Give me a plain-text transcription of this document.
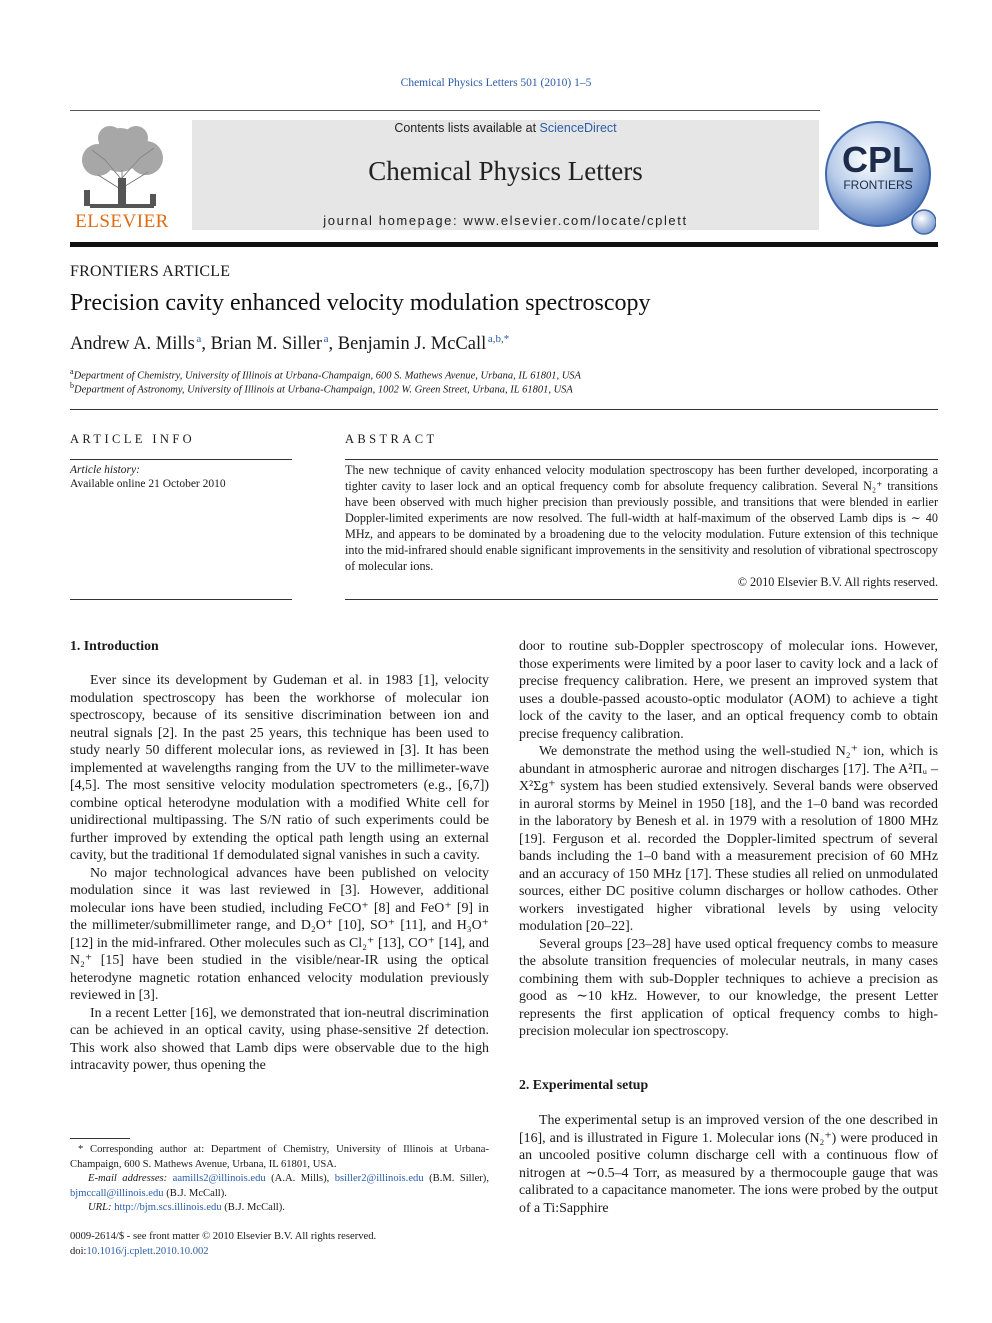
Chemical Physics Letters 501 (2010) 1–5
ELSEVIER
Contents lists available at ScienceDirect
Chemical Physics Letters
journal homepage: www.elsevier.com/locate/cplett
CPL
FRONTIERS
FRONTIERS ARTICLE
Precision cavity enhanced velocity modulation spectroscopy
Andrew A. Mills  $^a$, Brian M. Siller  $^a$, Benjamin J. McCall  $^{a,b,*}$
$^a$Department of Chemistry, University of Illinois at Urbana-Champaign, 600 S. Mathews Avenue, Urbana, IL 61801, USA
$^b$Department of Astronomy, University of Illinois at Urbana-Champaign, 1002 W. Green Street, Urbana, IL 61801, USA
ARTICLE INFO
Article history:
Available online 21 October 2010
ABSTRACT
The new technique of cavity enhanced velocity modulation spectroscopy has been further developed, incorporating a tighter cavity to laser lock and an optical frequency comb for absolute frequency calibration. Several N₂⁺ transitions have been observed with much higher precision than previously possible, and transitions that were blended in earlier Doppler-limited experiments are now resolved. The full-width at half-maximum of the observed Lamb dips is ∼ 40 MHz, and appears to be dominated by a broadening due to the velocity modulation. Future extension of this technique into the mid-infrared should enable significant improvements in the sensitivity and resolution of vibrational spectroscopy of molecular ions.
© 2010 Elsevier B.V. All rights reserved.
1. Introduction

Ever since its development by Gudeman et al. in 1983 [1], velocity modulation spectroscopy has been the workhorse of molecular ion spectroscopy, because of its sensitive discrimination between ion and neutral signals [2]. In the past 25 years, this technique has been used to study nearly 50 different molecular ions, as reviewed in [3]. It has been implemented at wavelengths ranging from the UV to the millimeter-wave [4,5]. The most sensitive velocity modulation spectrometers (e.g., [6,7]) combine optical heterodyne modulation with a modified White cell for unidirectional multipassing. The S/N ratio of such experiments could be further improved by extending the optical path length using an external cavity, but the traditional 1f demodulated signal vanishes in such a cavity.

No major technological advances have been published on velocity modulation since it was last reviewed in [3]. However, additional molecular ions have been studied, including FeCO⁺ [8] and FeO⁺ [9] in the millimeter/submillimeter range, and D₂O⁺ [10], SO⁺ [11], and H₃O⁺ [12] in the mid-infrared. Other molecules such as Cl₂⁺ [13], CO⁺ [14], and N₂⁺ [15] have been studied in the visible/near-IR using the optical heterodyne magnetic rotation enhanced velocity modulation previously reviewed in [3].

In a recent Letter [16], we demonstrated that ion-neutral discrimination can be achieved in an optical cavity, using phase-sensitive 2f detection. This work also showed that Lamb dips were observable due to the high intracavity power, thus opening the

* Corresponding author at: Department of Chemistry, University of Illinois at Urbana-Champaign, 600 S. Mathews Avenue, Urbana, IL 61801, USA.
E-mail addresses: aamills2@illinois.edu (A.A. Mills), bsiller2@illinois.edu (B.M. Siller), bjmccall@illinois.edu (B.J. McCall).
URL: http://bjm.scs.illinois.edu (B.J. McCall).
0009-2614/$ - see front matter © 2010 Elsevier B.V. All rights reserved.
doi:10.1016/j.cplett.2010.10.002

door to routine sub-Doppler spectroscopy of molecular ions. However, those experiments were limited by a poor laser to cavity lock and a lack of precise frequency calibration. Here, we present an improved system that uses a double-passed acousto-optic modulator (AOM) to achieve a tight lock of the cavity to the laser, and an optical frequency comb to obtain precise frequency calibration.

We demonstrate the method using the well-studied N₂⁺ ion, which is abundant in atmospheric aurorae and nitrogen discharges [17]. The A²Πᵤ – X²Σg⁺ system has been studied extensively. Several bands were observed in auroral storms by Meinel in 1950 [18], and the 1–0 band was recorded in the laboratory by Benesh et al. in 1979 with a resolution of 1800 MHz [19]. Ferguson et al. recorded the Doppler-limited spectrum of several bands including the 1–0 band with a measurement precision of 60 MHz and an accuracy of 150 MHz [17]. These studies all relied on unmodulated sources, either DC positive column discharges or hollow cathodes. Other workers investigated higher vibrational levels by using velocity modulation [20–22].

Several groups [23–28] have used optical frequency combs to measure the absolute transition frequencies of molecular neutrals, in many cases combining them with sub-Doppler techniques to achieve a precision as good as ∼10 kHz. However, to our knowledge, the present Letter represents the first application of optical frequency combs to high-precision molecular ion spectroscopy.

2. Experimental setup

The experimental setup is an improved version of the one described in [16], and is illustrated in Figure 1. Molecular ions (N₂⁺) were produced in an uncooled positive column discharge cell with a continuous flow of nitrogen at ∼0.5–4 Torr, as measured by a thermocouple gauge that was calibrated to a capacitance manometer. The ions were probed by the output of a Ti:Sapphire
